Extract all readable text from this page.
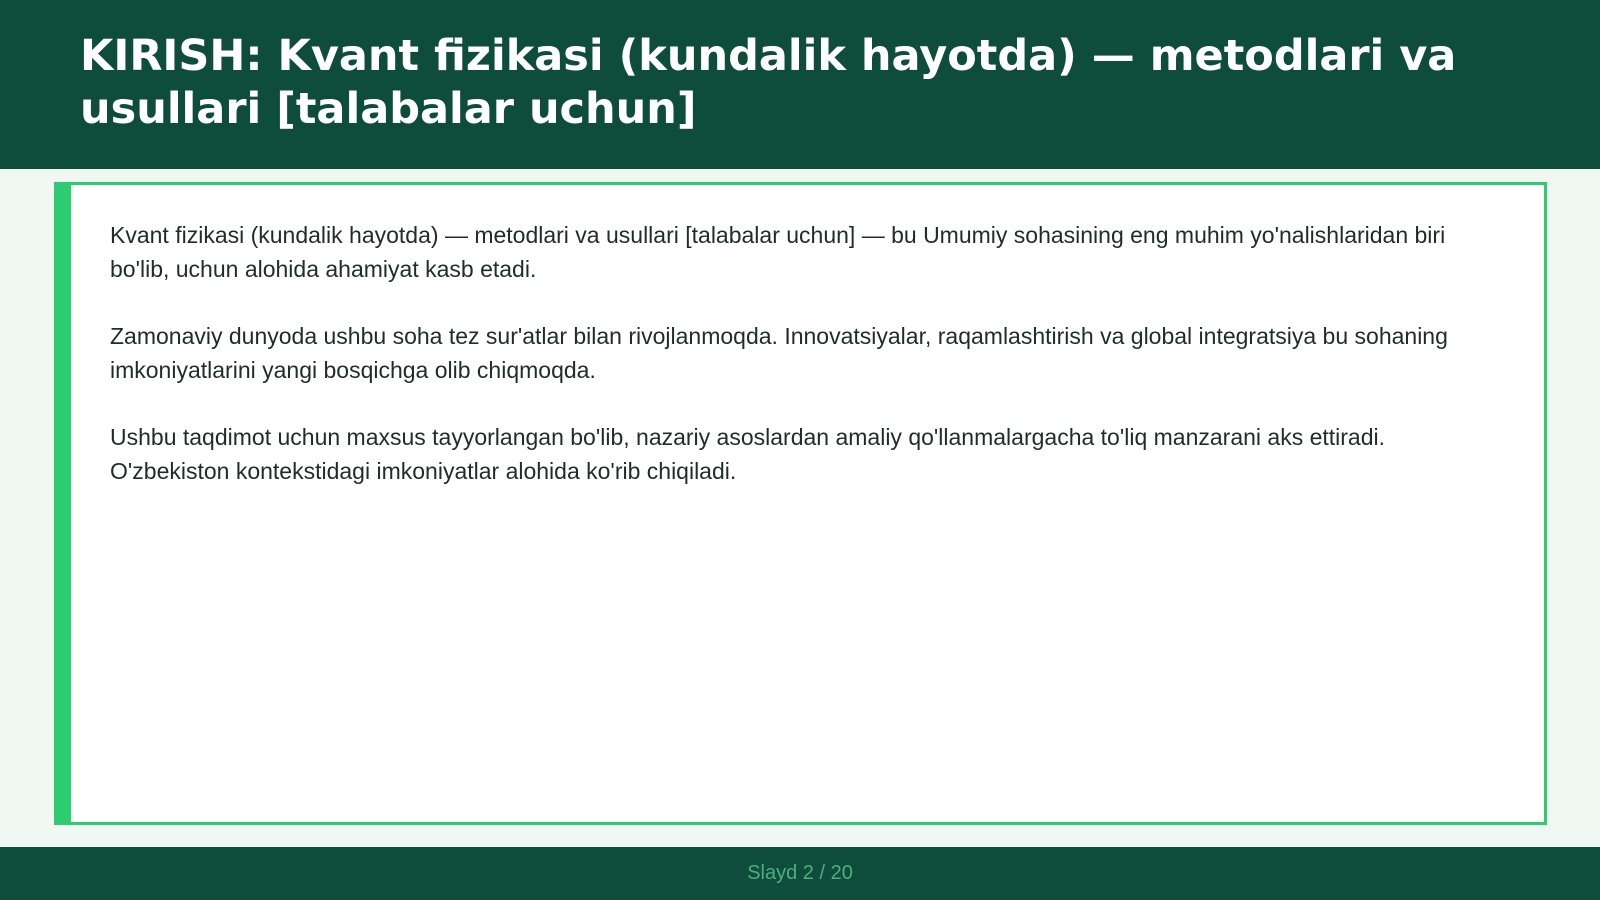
KIRISH: Kvant fizikasi (kundalik hayotda) — metodlari va usullari [talabalar uchun]

Kvant fizikasi (kundalik hayotda) — metodlari va usullari [talabalar uchun] — bu Umumiy sohasining eng muhim yo'nalishlaridan biri bo'lib, uchun alohida ahamiyat kasb etadi.

Zamonaviy dunyoda ushbu soha tez sur'atlar bilan rivojlanmoqda. Innovatsiyalar, raqamlashtirish va global integratsiya bu sohaning imkoniyatlarini yangi bosqichga olib chiqmoqda.

Ushbu taqdimot uchun maxsus tayyorlangan bo'lib, nazariy asoslardan amaliy qo'llanmalargacha to'liq manzarani aks ettiradi. O'zbekiston kontekstidagi imkoniyatlar alohida ko'rib chiqiladi.

Slayd 2 / 20
